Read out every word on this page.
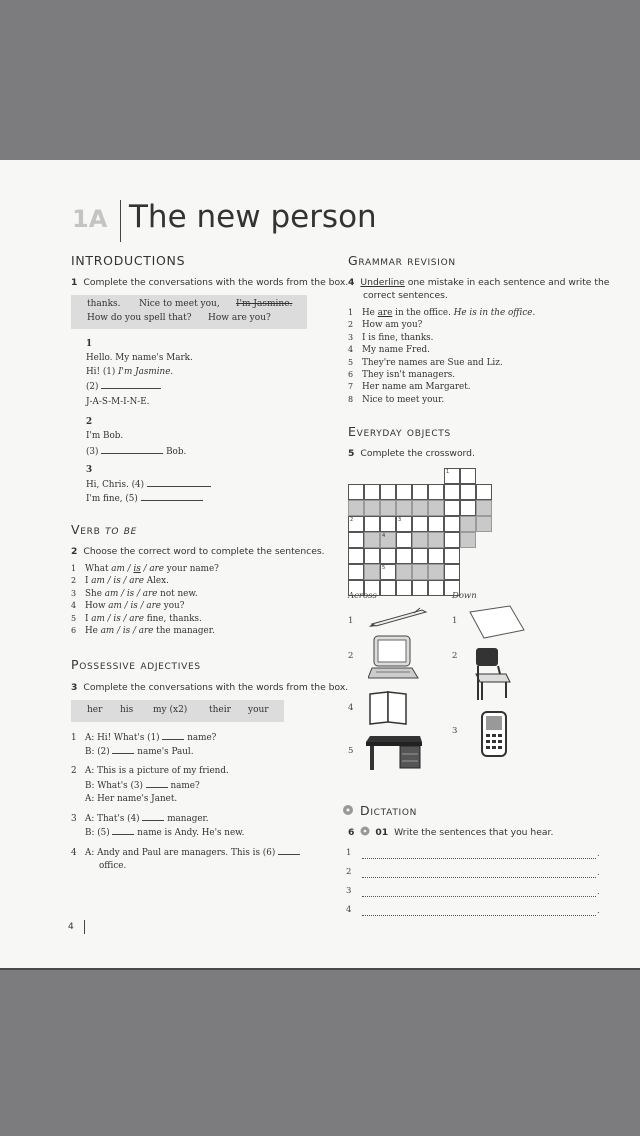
1A The new person
INTRODUCTIONS
1 Complete the conversations with the words from the box.
thanks. Nice to meet you, I'm Jasmine.
How do you spell that? How are you?
1
Hello. My name's Mark.
Hi! (1) I'm Jasmine.
(2)
J-A-S-M-I-N-E.
2
I'm Bob.
(3)	Bob.
3
Hi, Chris. (4)
I'm fine, (5)
Verb to be
2 Choose the correct word to complete the sentences.
1 What am / is / are your name?
2 I am / is / are Alex.
3 She am / is / are not new.
4 How am / is / are you?
5 I am / is / are fine, thanks.
6 He am / is / are the manager.
Possessive adjectives
3 Complete the conversations with the words from the box.
her his my (x2) their your
1 A: Hi! What's (1)	name?
B: (2)	name's Paul.
2 A: This is a picture of my friend.
B: What's (3)	name?
A: Her name's Janet.
3 A: That's (4)	manager.
B: (5)	name is Andy. He's new.
4 A: Andy and Paul are managers. This is (6)
office.
Grammar revision
4 Underline one mistake in each sentence and write the
correct sentences.
1 He are in the office. He is in the office.
2 How am you?
3 I is fine, thanks.
4 My name Fred.
5 They're names are Sue and Liz.
6 They isn't managers.
7 Her name am Margaret.
8 Nice to meet your.
Everyday objects
5 Complete the crossword.
1
2	3
4
5
Across	Down
1
2
4
5
1
2
3
Dictation
6 01 Write the sentences that you hear.
1	.
2	.
3	.
4	.
4
